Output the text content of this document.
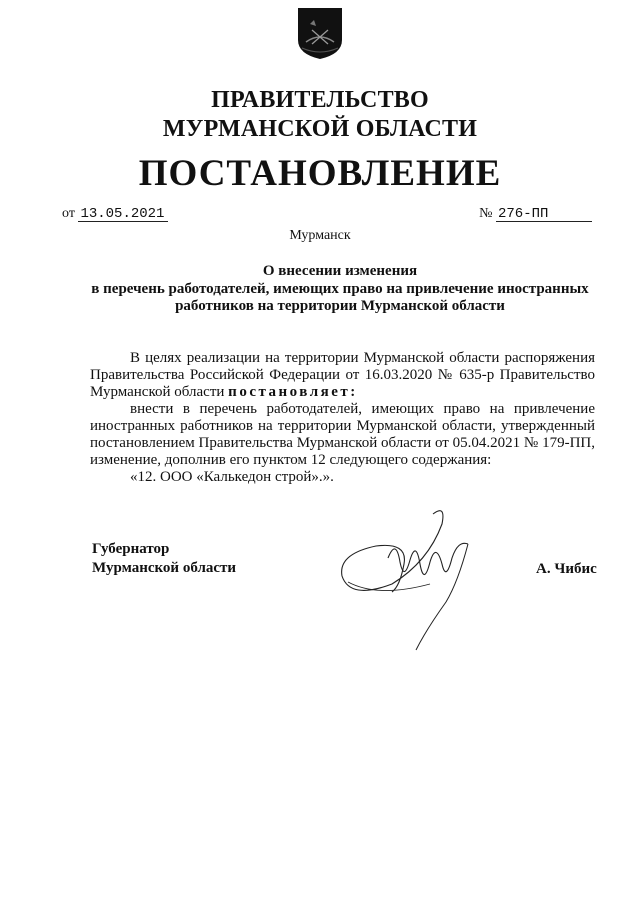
ПРАВИТЕЛЬСТВО
МУРМАНСКОЙ ОБЛАСТИ
ПОСТАНОВЛЕНИЕ
от 13.05.2021	№ 276-ПП
Мурманск
О внесении изменения
в перечень работодателей, имеющих право на привлечение иностранных
работников на территории Мурманской области

В целях реализации на территории Мурманской области распоряжения Правительства Российской Федерации от 16.03.2020 № 635-р Правительство Мурманской области постановляет:

внести в перечень работодателей, имеющих право на привлечение иностранных работников на территории Мурманской области, утвержденный постановлением Правительства Мурманской области от 05.04.2021 № 179-ПП, изменение, дополнив его пунктом 12 следующего содержания:

«12. ООО «Калькедон строй».».

Губернатор
Мурманской области	А. Чибис
